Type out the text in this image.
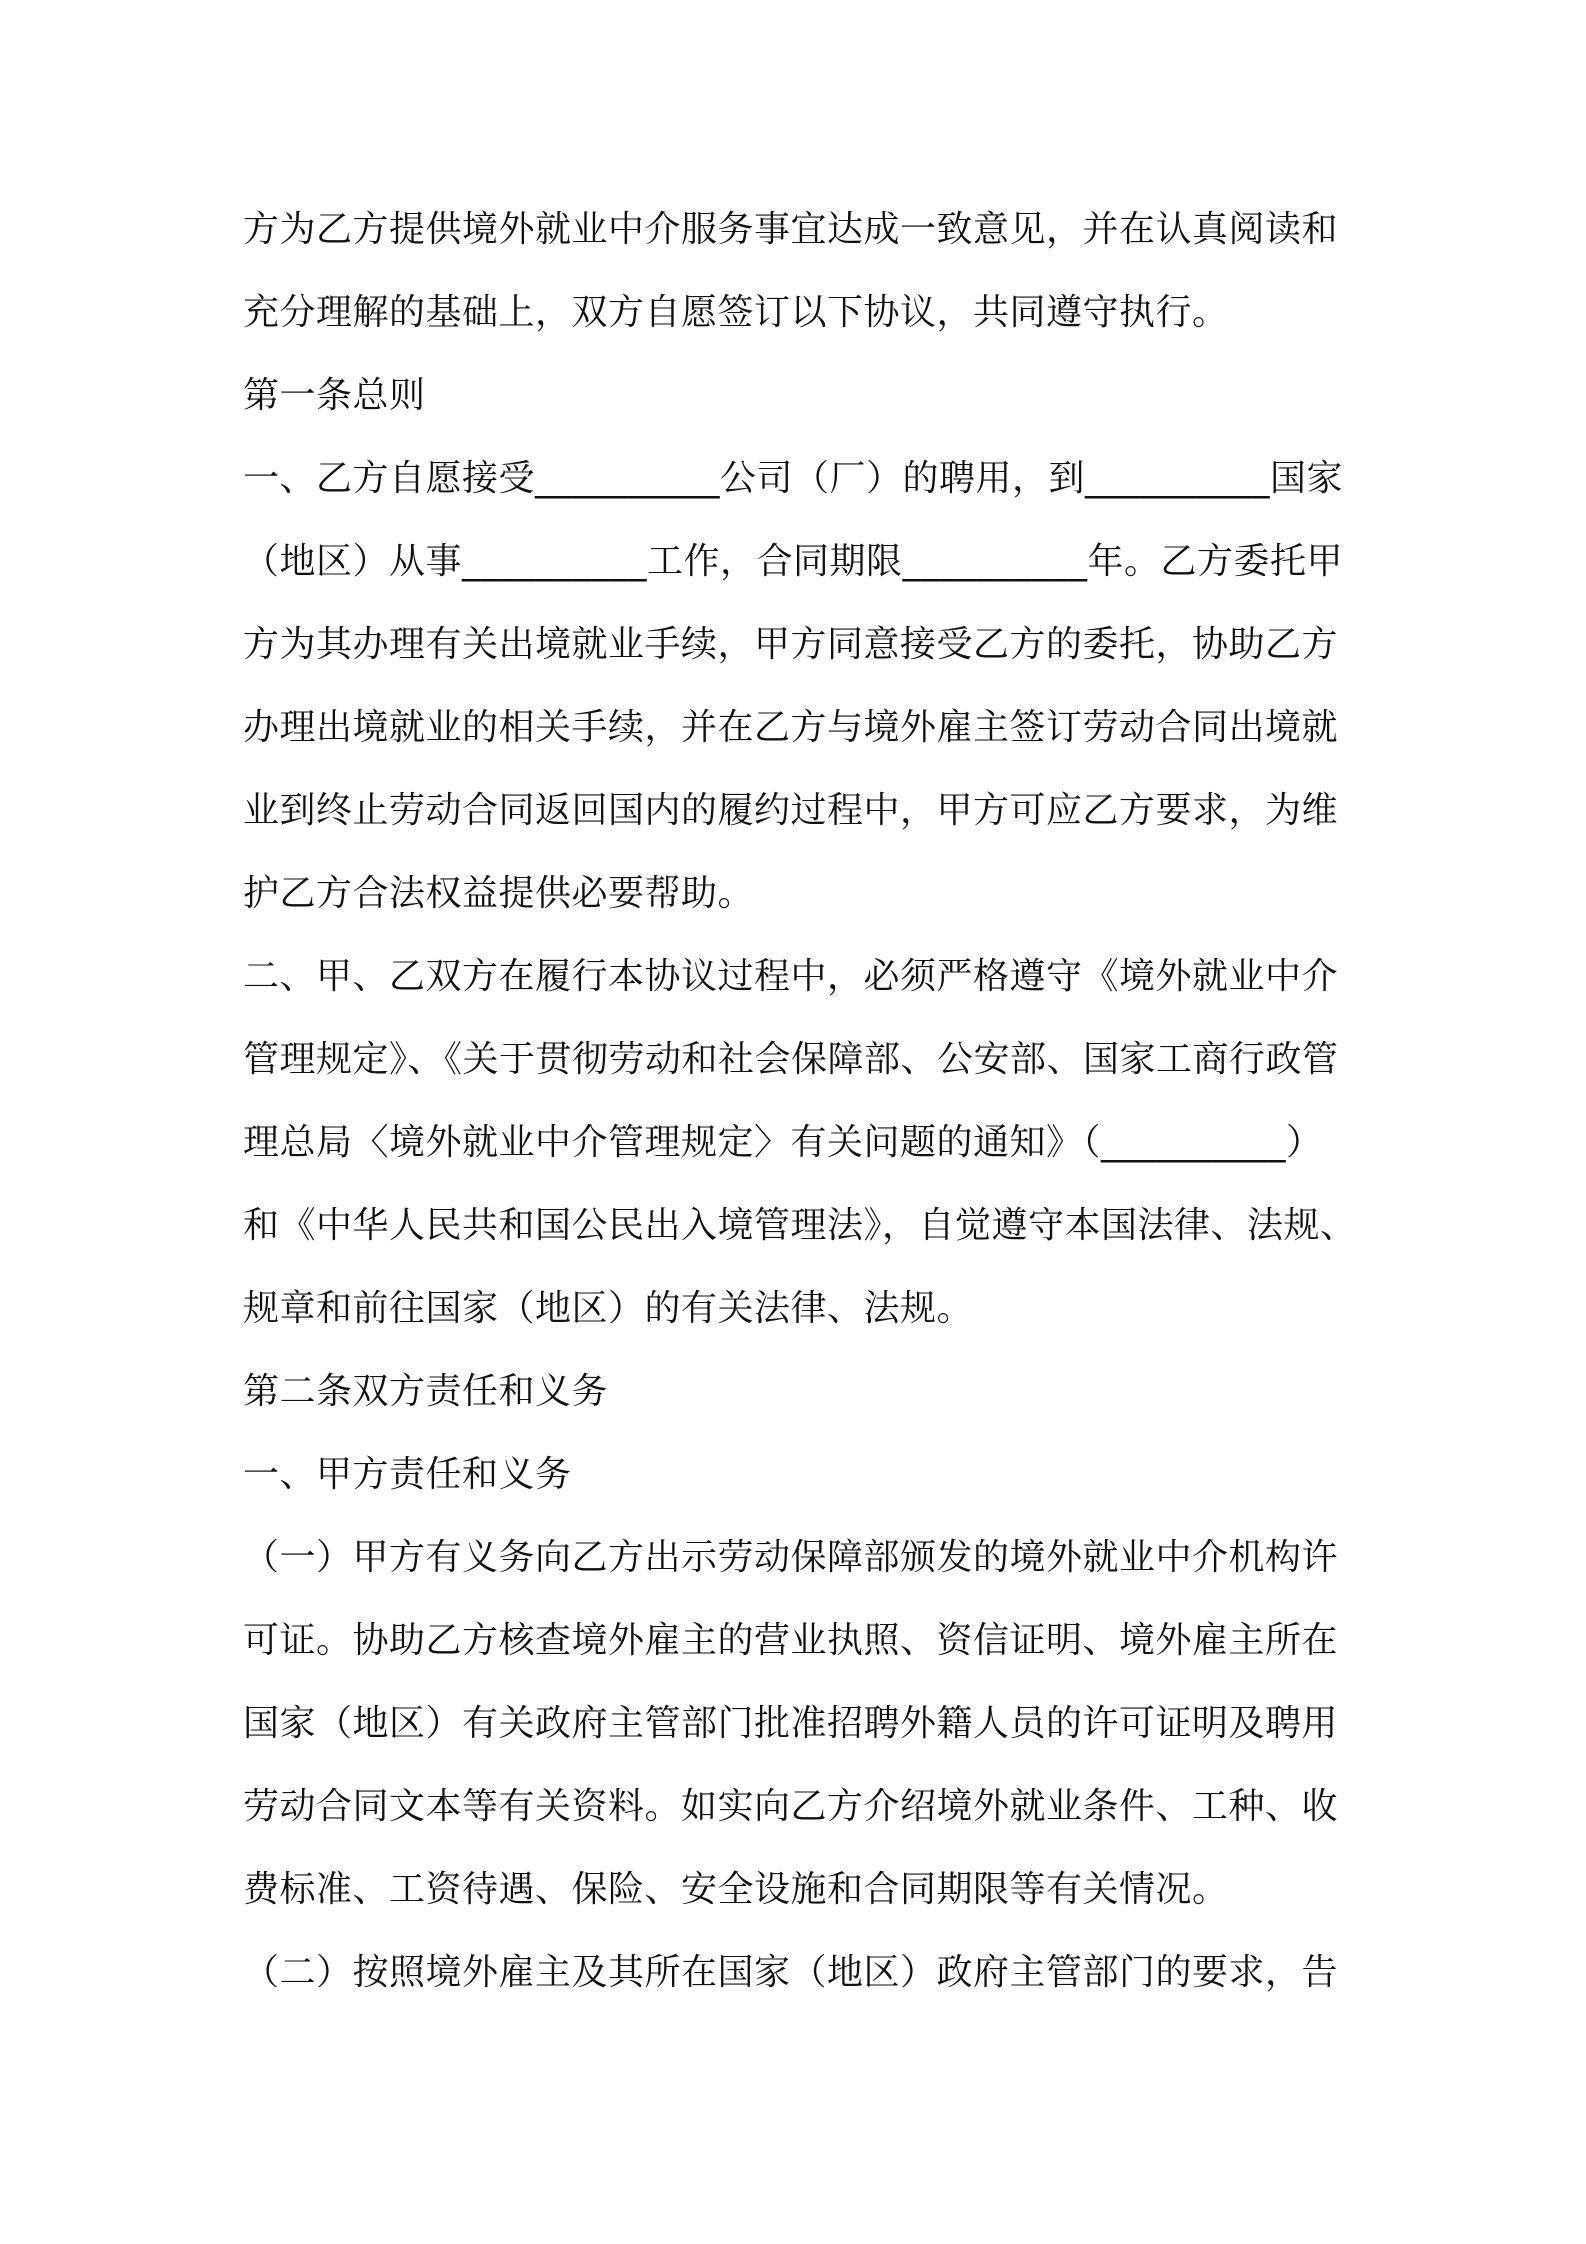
方为乙方提供境外就业中介服务事宜达成一致意见，并在认真阅读和
充分理解的基础上，双方自愿签订以下协议，共同遵守执行。
第一条总则
一、乙方自愿接受__________公司（厂）的聘用，到__________国家
（地区）从事__________工作，合同期限__________年。乙方委托甲
方为其办理有关出境就业手续，甲方同意接受乙方的委托，协助乙方
办理出境就业的相关手续，并在乙方与境外雇主签订劳动合同出境就
业到终止劳动合同返回国内的履约过程中，甲方可应乙方要求，为维
护乙方合法权益提供必要帮助。
二、甲、乙双方在履行本协议过程中，必须严格遵守《境外就业中介
管理规定》、《关于贯彻劳动和社会保障部、公安部、国家工商行政管
理总局〈境外就业中介管理规定〉有关问题的通知》（__________）
和《中华人民共和国公民出入境管理法》，自觉遵守本国法律、法规、
规章和前往国家（地区）的有关法律、法规。
第二条双方责任和义务
一、甲方责任和义务
（一）甲方有义务向乙方出示劳动保障部颁发的境外就业中介机构许
可证。协助乙方核查境外雇主的营业执照、资信证明、境外雇主所在
国家（地区）有关政府主管部门批准招聘外籍人员的许可证明及聘用
劳动合同文本等有关资料。如实向乙方介绍境外就业条件、工种、收
费标准、工资待遇、保险、安全设施和合同期限等有关情况。
（二）按照境外雇主及其所在国家（地区）政府主管部门的要求，告
